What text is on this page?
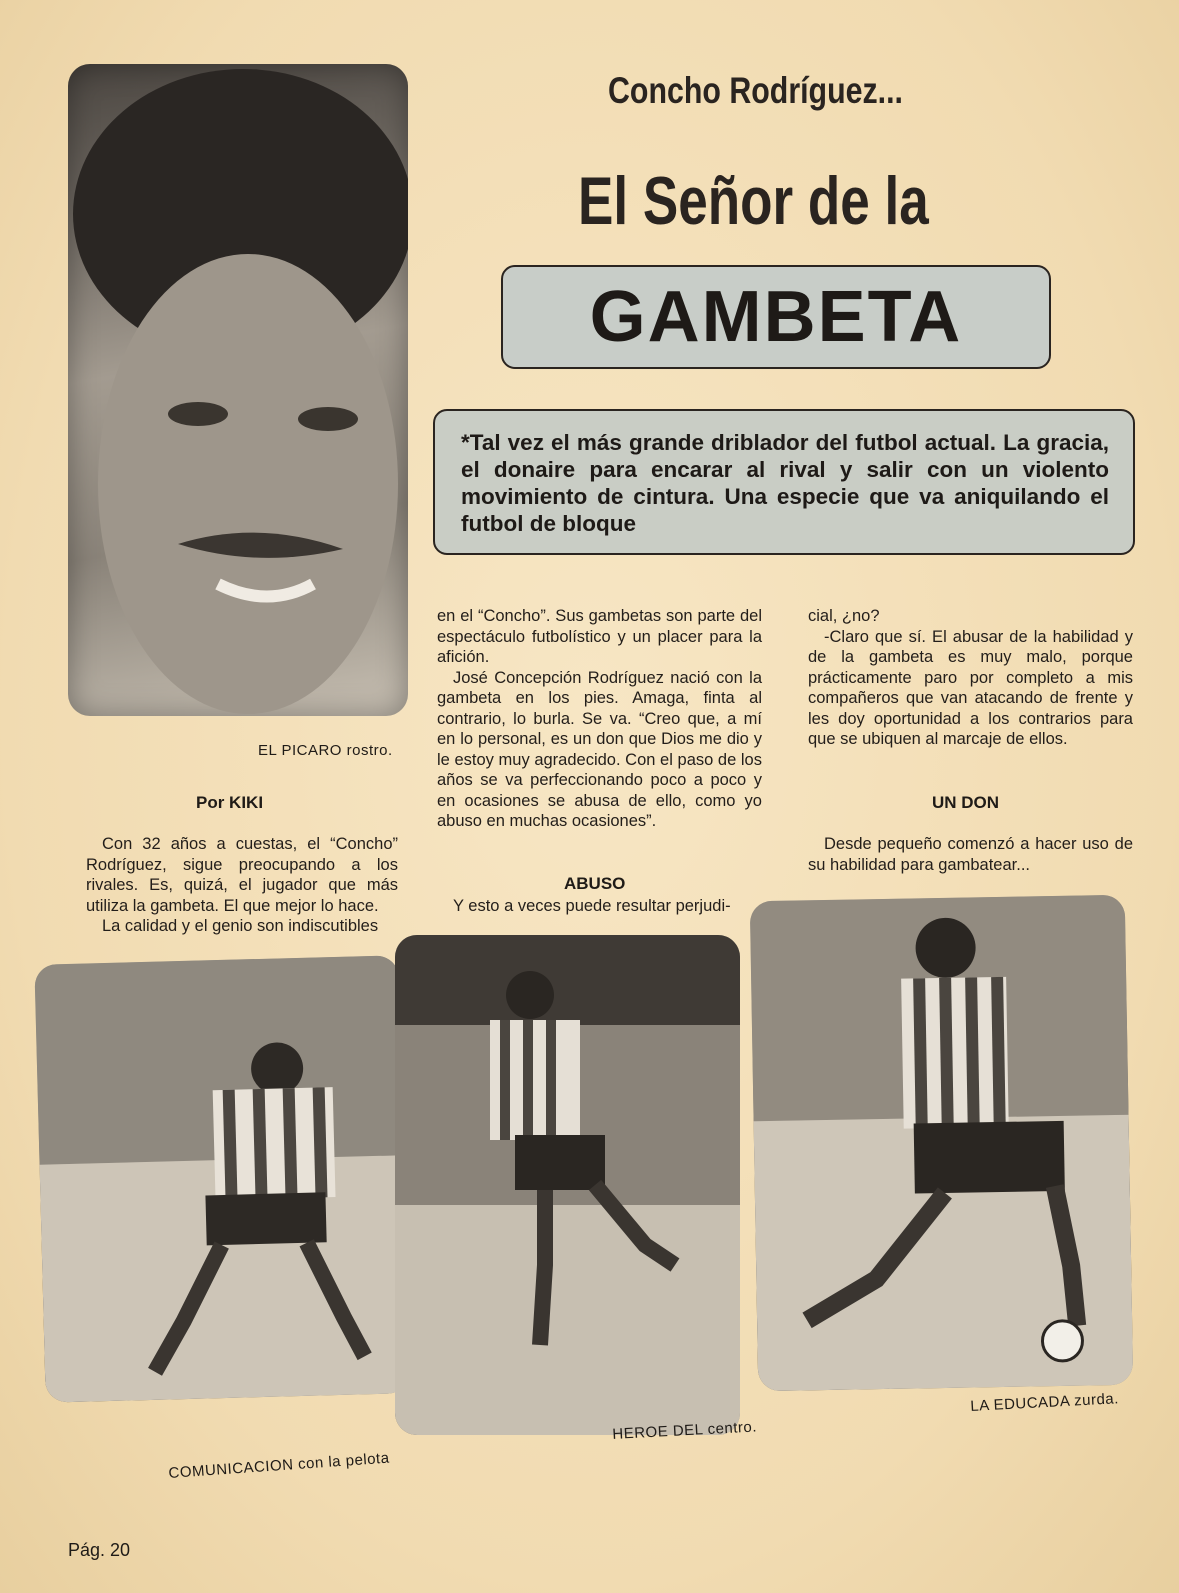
EL PICARO rostro.
Concho Rodríguez...
El Señor de la
GAMBETA
*Tal vez el más grande driblador del futbol actual. La gracia, el donaire para encarar al rival y salir con un violento movimiento de cintura. Una especie que va aniquilando el futbol de bloque
Por KIKI

Con 32 años a cuestas, el “Concho” Rodríguez, sigue preocupando a los rivales. Es, quizá, el jugador que más utiliza la gambeta. El que mejor lo hace.

La calidad y el genio son indiscutibles

en el “Concho”. Sus gambetas son parte del espectáculo futbolístico y un placer para la afición.

José Concepción Rodríguez nació con la gambeta en los pies. Amaga, finta al contrario, lo burla. Se va. “Creo que, a mí en lo personal, es un don que Dios me dio y le estoy muy agradecido. Con el paso de los años se va perfeccionando poco a poco y en ocasiones se abusa de ello, como yo abuso en muchas ocasiones”.

ABUSO

Y esto a veces puede resultar perjudi-

cial, ¿no?

-Claro que sí. El abusar de la habilidad y de la gambeta es muy malo, porque prácticamente paro por completo a mis compañeros que van atacando de frente y les doy oportunidad a los contrarios para que se ubiquen al marcaje de ellos.

UN DON

Desde pequeño comenzó a hacer uso de su habilidad para gambatear...

COMUNICACION con la pelota
HEROE DEL centro.
LA EDUCADA zurda.
Pág. 20
